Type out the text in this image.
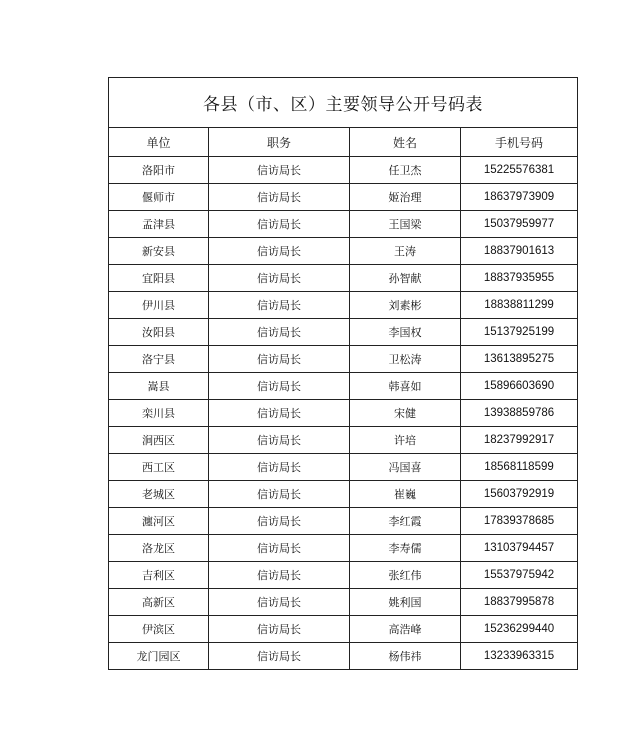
各县（市、区）主要领导公开号码表			
单位	职务	姓名	手机号码
洛阳市	信访局长	任卫杰	15225576381
偃师市	信访局长	姬治理	18637973909
孟津县	信访局长	王国梁	15037959977
新安县	信访局长	王涛	18837901613
宜阳县	信访局长	孙智献	18837935955
伊川县	信访局长	刘素彬	18838811299
汝阳县	信访局长	李国权	15137925199
洛宁县	信访局长	卫松涛	13613895275
嵩县	信访局长	韩喜如	15896603690
栾川县	信访局长	宋健	13938859786
涧西区	信访局长	许培	18237992917
西工区	信访局长	冯国喜	18568118599
老城区	信访局长	崔巍	15603792919
瀍河区	信访局长	李红霞	17839378685
洛龙区	信访局长	李寿儒	13103794457
吉利区	信访局长	张红伟	15537975942
高新区	信访局长	姚利国	18837995878
伊滨区	信访局长	高浩峰	15236299440
龙门园区	信访局长	杨伟祎	13233963315
